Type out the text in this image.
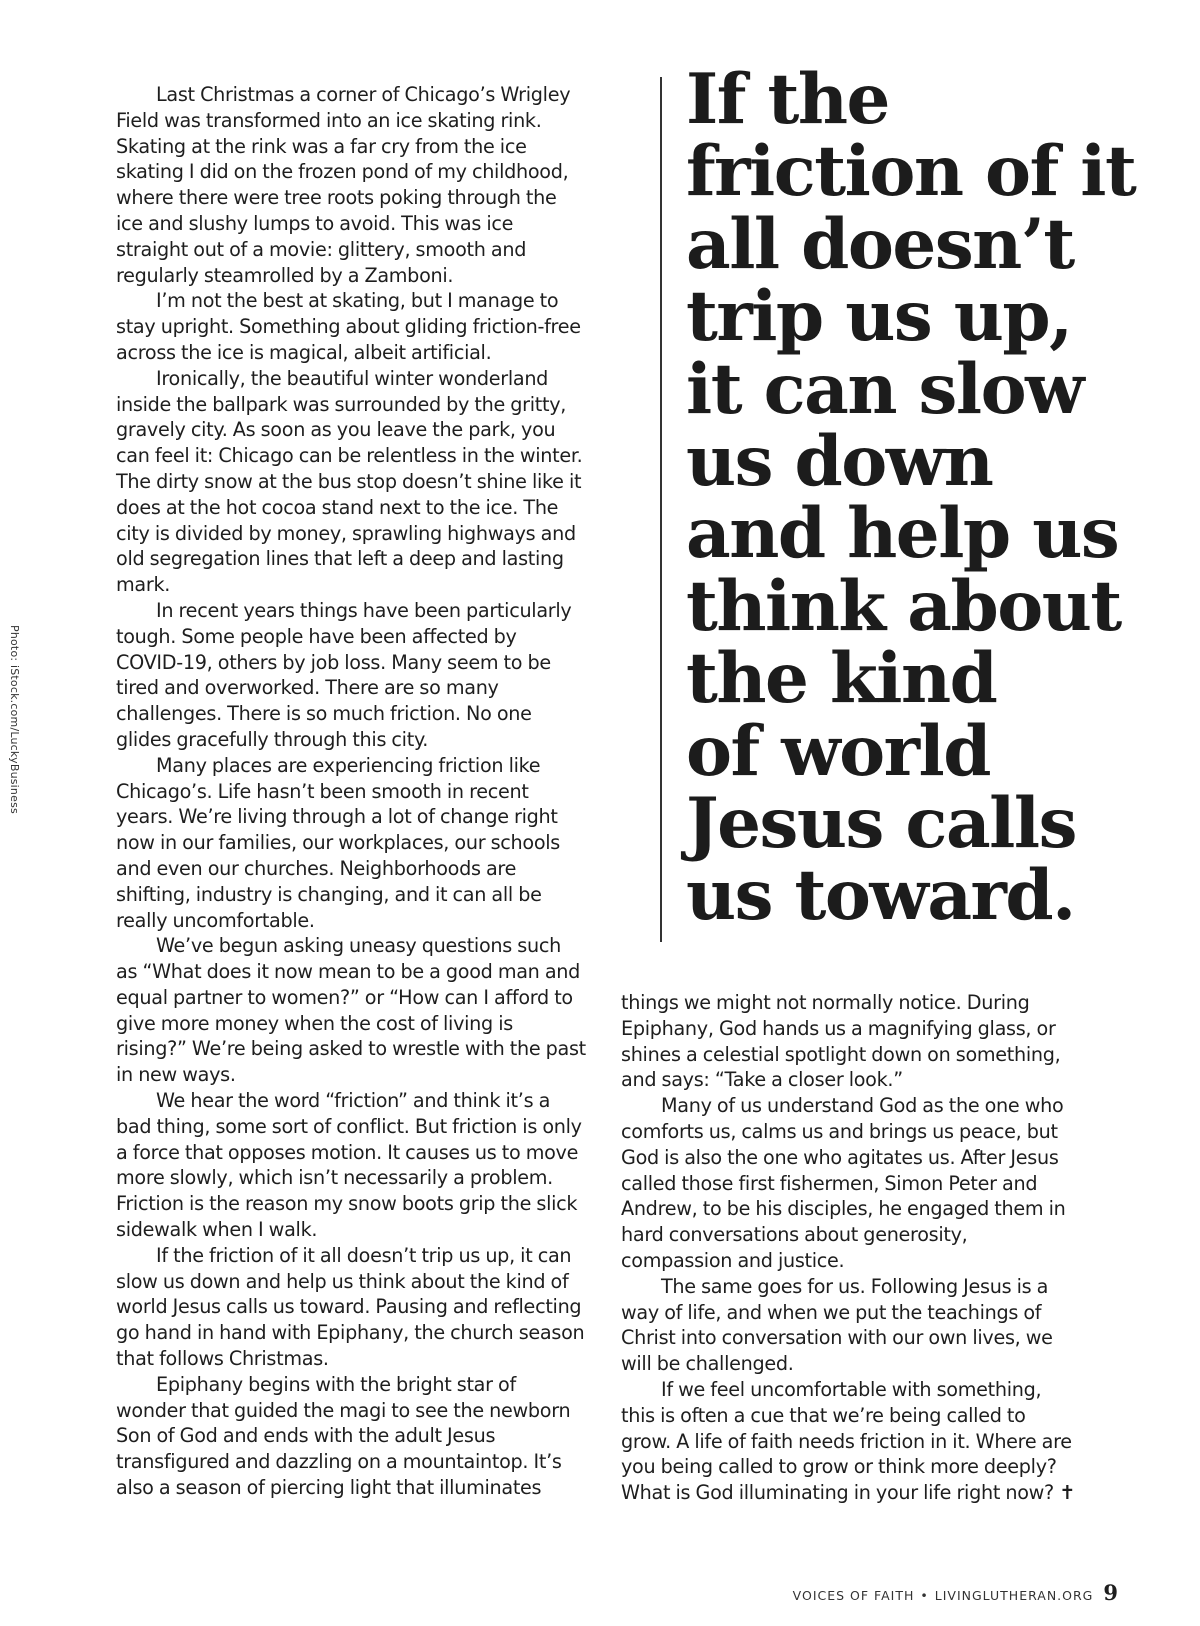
Photo: iStock.com/LuckyBusiness

Last Christmas a corner of Chicago’s Wrigley Field was transformed into an ice skating rink. Skating at the rink was a far cry from the ice skating I did on the frozen pond of my childhood, where there were tree roots poking through the ice and slushy lumps to avoid. This was ice straight out of a movie: glittery, smooth and regularly steamrolled by a Zamboni.

I’m not the best at skating, but I manage to stay upright. Something about gliding friction-free across the ice is magical, albeit artificial.

Ironically, the beautiful winter wonderland inside the ballpark was surrounded by the gritty, gravely city. As soon as you leave the park, you can feel it: Chicago can be relentless in the winter. The dirty snow at the bus stop doesn’t shine like it does at the hot cocoa stand next to the ice. The city is divided by money, sprawling highways and old segregation lines that left a deep and lasting mark.

In recent years things have been particularly tough. Some people have been affected by COVID-19, others by job loss. Many seem to be tired and overworked. There are so many challenges. There is so much friction. No one glides gracefully through this city.

Many places are experiencing friction like Chicago’s. Life hasn’t been smooth in recent years. We’re living through a lot of change right now in our families, our workplaces, our schools and even our churches. Neighborhoods are shifting, industry is changing, and it can all be really uncomfortable.

We’ve begun asking uneasy questions such as “What does it now mean to be a good man and equal partner to women?” or “How can I afford to give more money when the cost of living is rising?” We’re being asked to wrestle with the past in new ways.

We hear the word “friction” and think it’s a bad thing, some sort of conflict. But friction is only a force that opposes motion. It causes us to move more slowly, which isn’t necessarily a problem. Friction is the reason my snow boots grip the slick sidewalk when I walk.

If the friction of it all doesn’t trip us up, it can slow us down and help us think about the kind of world Jesus calls us toward. Pausing and reflecting go hand in hand with Epiphany, the church season that follows Christmas.

Epiphany begins with the bright star of wonder that guided the magi to see the newborn Son of God and ends with the adult Jesus transfigured and dazzling on a mountaintop. It’s also a season of piercing light that illuminates

If the
friction of it
all doesn’t
trip us up,
it can slow
us down
and help us
think about
the kind
of world
Jesus calls
us toward.

things we might not normally notice. During Epiphany, God hands us a magnifying glass, or shines a celestial spotlight down on something, and says: “Take a closer look.”

Many of us understand God as the one who comforts us, calms us and brings us peace, but God is also the one who agitates us. After Jesus called those first fishermen, Simon Peter and Andrew, to be his disciples, he engaged them in hard conversations about generosity, compassion and justice.

The same goes for us. Following Jesus is a way of life, and when we put the teachings of Christ into conversation with our own lives, we will be challenged.

If we feel uncomfortable with something, this is often a cue that we’re being called to grow. A life of faith needs friction in it. Where are you being called to grow or think more deeply? What is God illuminating in your life right now? ✝

VOICES OF FAITH • LIVINGLUTHERAN.ORG 9
